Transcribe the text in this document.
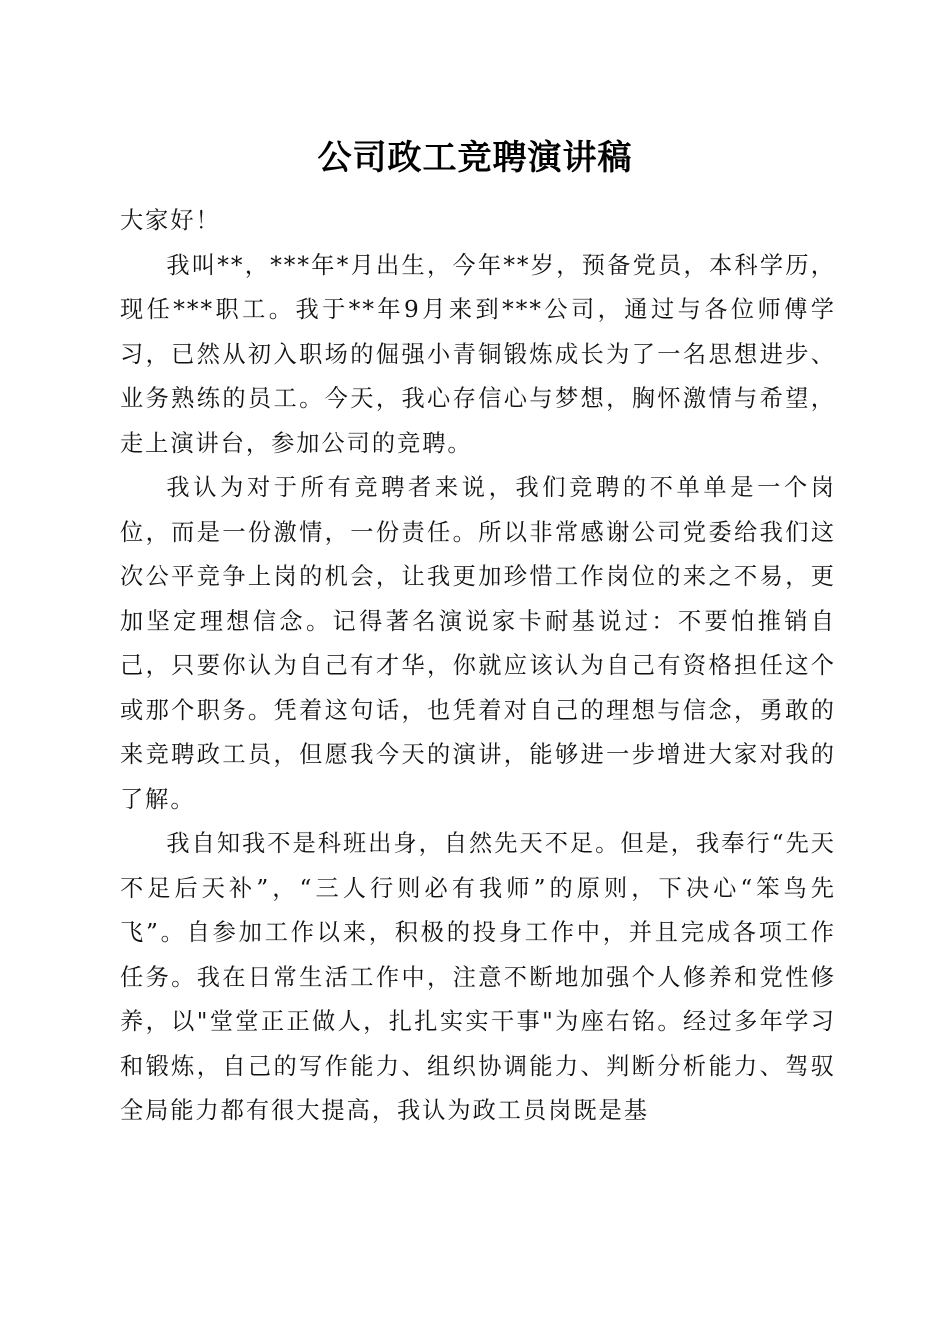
公司政工竞聘演讲稿

大家好！

我叫**，***年*月出生，今年**岁，预备党员，本科学历，现任***职工。我于**年9月来到***公司，通过与各位师傅学习，已然从初入职场的倔强小青铜锻炼成长为了一名思想进步、业务熟练的员工。今天，我心存信心与梦想，胸怀激情与希望，走上演讲台，参加公司的竞聘。

我认为对于所有竞聘者来说，我们竞聘的不单单是一个岗位，而是一份激情，一份责任。所以非常感谢公司党委给我们这次公平竞争上岗的机会，让我更加珍惜工作岗位的来之不易，更加坚定理想信念。记得著名演说家卡耐基说过：不要怕推销自己，只要你认为自己有才华，你就应该认为自己有资格担任这个或那个职务。凭着这句话，也凭着对自己的理想与信念，勇敢的来竞聘政工员，但愿我今天的演讲，能够进一步增进大家对我的了解。

我自知我不是科班出身，自然先天不足。但是，我奉行“先天不足后天补”，“三人行则必有我师”的原则，下决心“笨鸟先飞”。自参加工作以来，积极的投身工作中，并且完成各项工作任务。我在日常生活工作中，注意不断地加强个人修养和党性修养，以"堂堂正正做人，扎扎实实干事"为座右铭。经过多年学习和锻炼，自己的写作能力、组织协调能力、判断分析能力、驾驭全局能力都有很大提高，我认为政工员岗既是基
